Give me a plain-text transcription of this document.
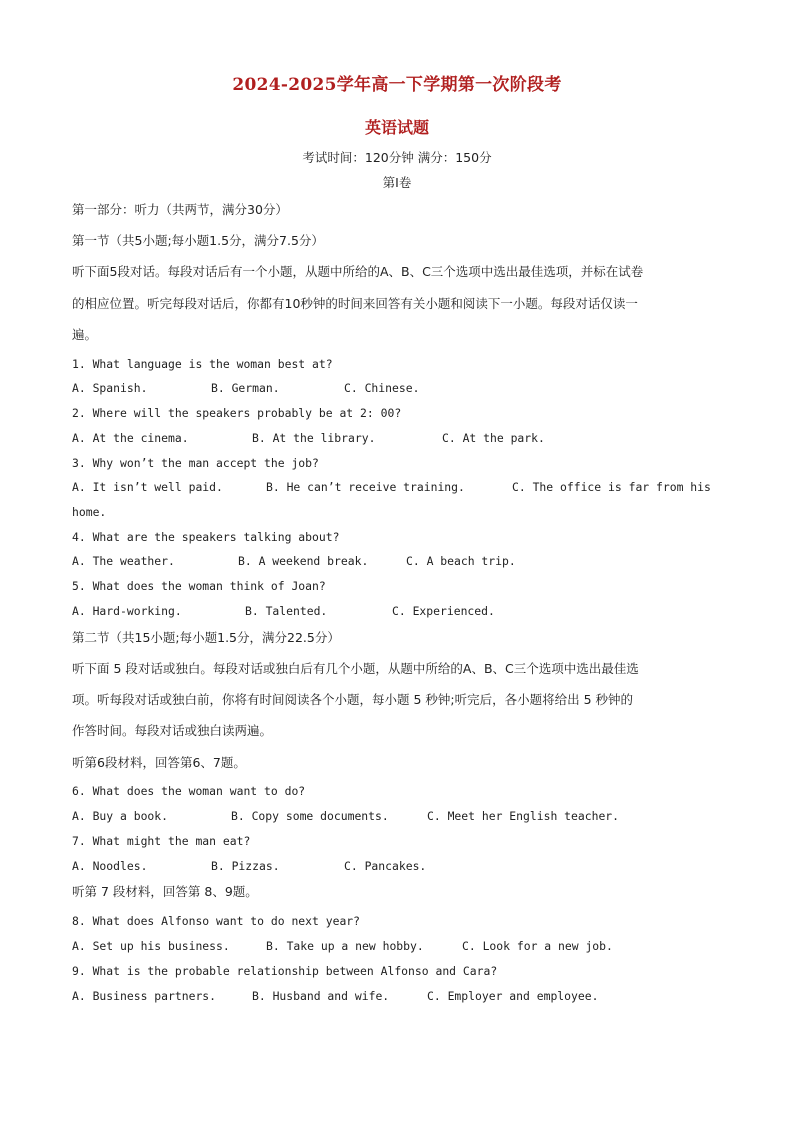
2024-2025学年高一下学期第一次阶段考
英语试题
考试时间：120分钟 满分：150分
第Ⅰ卷
第一部分：听力（共两节，满分30分）
第一节（共5小题;每小题1.5分，满分7.5分）
听下面5段对话。每段对话后有一个小题，从题中所给的A、B、C三个选项中选出最佳选项，并标在试卷
的相应位置。听完每段对话后，你都有10秒钟的时间来回答有关小题和阅读下一小题。每段对话仅读一
遍。
1. What language is the woman best at?
A. Spanish.	B. German.	C. Chinese.
2. Where will the speakers probably be at 2: 00?
A. At the cinema.	B. At the library.	C. At the park.
3. Why won’t the man accept the job?
A. It isn’t well paid.	B. He can’t receive training.	C. The office is far from his
home.
4. What are the speakers talking about?
A. The weather.	B. A weekend break.	C. A beach trip.
5. What does the woman think of Joan?
A. Hard-working.	B. Talented.	C. Experienced.
第二节（共15小题;每小题1.5分，满分22.5分）
听下面 5 段对话或独白。每段对话或独白后有几个小题，从题中所给的A、B、C三个选项中选出最佳选
项。听每段对话或独白前，你将有时间阅读各个小题，每小题 5 秒钟;听完后，各小题将给出 5 秒钟的
作答时间。每段对话或独白读两遍。
听第6段材料，回答第6、7题。
6. What does the woman want to do?
A. Buy a book.	B. Copy some documents.	C. Meet her English teacher.
7. What might the man eat?
A. Noodles.	B. Pizzas.	C. Pancakes.
听第 7 段材料，回答第 8、9题。
8. What does Alfonso want to do next year?
A. Set up his business.	B. Take up a new hobby.	C. Look for a new job.
9. What is the probable relationship between Alfonso and Cara?
A. Business partners.	B. Husband and wife.	C. Employer and employee.
